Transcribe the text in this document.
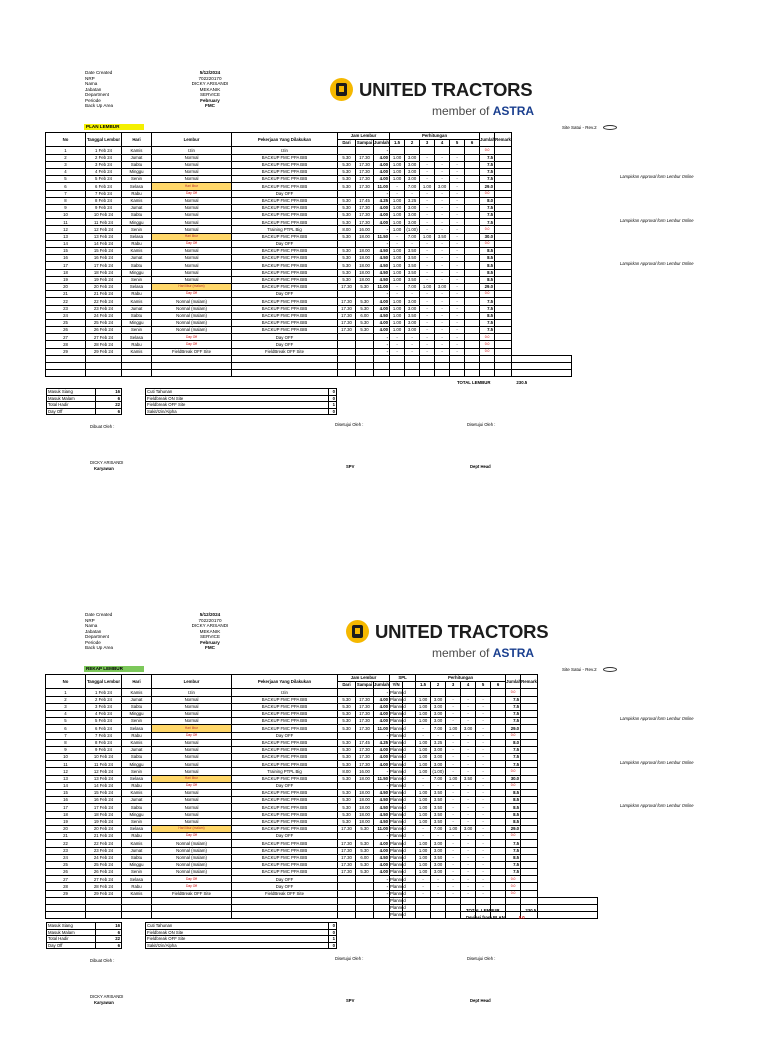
Date Created	5/12/2024
NRP	702220170
Nama	DICKY ARISANDI
Jabatan	MEKANIK
Department	SERVICE
Periode	February
Back Up Area	FMC
PLAN LEMBUR
UNITED TRACTORS
member of ASTRA
Site Satui - Rev.2
No	Tanggal Lembur	Hari	Lembur	Pekerjaan Yang Dilakukan	Jam Lembur			Perhitungan						Jumlah	Remark		
					Dari	Sampai	Jumlah	1.5	2	3	4	5	6				
1	1 Feb 24	Kamis	Izin	Izin			-							0.0			
2	2 Feb 24	Jumat	Normal	BACKUP FMC PPA BIB	5.30	17.30	4.00	1.00	3.00	-	-	-		7.5			
3	3 Feb 24	Sabtu	Normal	BACKUP FMC PPA BIB	5.30	17.30	4.00	1.00	3.00	-	-	-		7.5			
4	4 Feb 24	Minggu	Normal	BACKUP FMC PPA BIB	5.30	17.30	4.00	1.00	3.00	-	-	-		7.5			
5	5 Feb 24	Senin	Normal	BACKUP FMC PPA BIB	5.30	17.30	4.00	1.00	3.00	-	-	-		7.5			
6	6 Feb 24	Selasa	Hari libur	BACKUP FMC PPA BIB	5.30	17.30	11.00	-	7.00	1.00	3.00	-		29.0			
7	7 Feb 24	Rabu	Day Off	Day OFF			-	-	-	-	-	-		0.0			
8	8 Feb 24	Kamis	Normal	BACKUP FMC PPA BIB	5.30	17.45	4.25	1.00	3.25	-	-	-		8.0			
9	9 Feb 24	Jumat	Normal	BACKUP FMC PPA BIB	5.30	17.30	4.00	1.00	3.00	-	-	-		7.5			
10	10 Feb 24	Sabtu	Normal	BACKUP FMC PPA BIB	5.30	17.30	4.00	1.00	3.00	-	-	-		7.5			
11	11 Feb 24	Minggu	Normal	BACKUP FMC PPA BIB	5.30	17.30	4.00	1.00	3.00	-	-	-		7.5			
12	12 Feb 24	Senin	Normal	Training PTPL Big	8.00	16.00	-	1.00	(1.00)	-	-	-		0.0			
13	13 Feb 24	Selasa	Hari libur	BACKUP FMC PPA BIB	5.30	18.00	11.50	-	7.00	1.00	3.50	-		30.0			
14	14 Feb 24	Rabu	Day Off	Day OFF			-	-	-	-	-	-		0.0			
15	15 Feb 24	Kamis	Normal	BACKUP FMC PPA BIB	5.30	18.00	4.50	1.00	3.50	-	-	-		8.5			
16	16 Feb 24	Jumat	Normal	BACKUP FMC PPA BIB	5.30	18.00	4.50	1.00	3.50	-	-	-		8.5			
17	17 Feb 24	Sabtu	Normal	BACKUP FMC PPA BIB	5.30	18.00	4.50	1.00	3.50	-	-	-		8.5			
18	18 Feb 24	Minggu	Normal	BACKUP FMC PPA BIB	5.30	18.00	4.50	1.00	3.50	-	-	-		8.5			
19	19 Feb 24	Senin	Normal	BACKUP FMC PPA BIB	5.30	18.00	4.50	1.00	3.50	-	-	-		8.5			
20	20 Feb 24	Selasa	Hari libur (malam)	BACKUP FMC PPA BIB	17.30	5.30	11.00	-	7.00	1.00	3.00	-		29.0			
21	21 Feb 24	Rabu	Day Off	Day OFF			-	-	-	-	-	-		0.0			
22	22 Feb 24	Kamis	Normal (malam)	BACKUP FMC PPA BIB	17.30	5.30	4.00	1.00	3.00	-	-	-		7.5			
23	23 Feb 24	Jumat	Normal (malam)	BACKUP FMC PPA BIB	17.30	5.30	4.00	1.00	3.00	-	-	-		7.5			
24	24 Feb 24	Sabtu	Normal (malam)	BACKUP FMC PPA BIB	17.30	6.00	4.50	1.00	3.50	-	-	-		8.5			
25	25 Feb 24	Minggu	Normal (malam)	BACKUP FMC PPA BIB	17.30	5.30	4.00	1.00	3.00	-	-	-		7.5			
26	26 Feb 24	Senin	Normal (malam)	BACKUP FMC PPA BIB	17.30	5.30	4.00	1.00	3.00	-	-	-		7.5			
27	27 Feb 24	Selasa	Day Off	Day OFF			-	-	-	-	-	-		0.0			
28	28 Feb 24	Rabu	Day Off	Day OFF			-	-	-	-	-	-		0.0			
29	29 Feb 24	Kamis	FieldBreak OFF Site	FieldBreak OFF Site			-	-	-	-	-	-		0.0			

TOTAL LEMBUR	230.5
Lampirkan Approval form Lembur Online
Lampirkan Approval form Lembur Online
Lampirkan Approval form Lembur Online
Masuk Siang	16
Masuk Malam	6
Total Hadir	22
Day Off	6
Cuti Tahunan	0
Fieldbreak ON Site	0
Fieldbreak OFF Site	1
Sakit/Izin/Alpha	0
Dibuat Oleh :	Disetujui Oleh :	Disetujui Oleh :
DICKY ARISANDI
Karyawan	SPV	Dept Head
Date Created	5/12/2024
NRP	702220170
Nama	DICKY ARISANDI
Jabatan	MEKANIK
Department	SERVICE
Periode	February
Back Up Area	FMC
REKAP LEMBUR
UNITED TRACTORS
member of ASTRA
Site Satui - Rev.2
No	Tanggal Lembur	Hari	Lembur	Pekerjaan Yang Dilakukan	Jam Lembur			SPL		Perhitungan						Jumlah	Remark		
					Dari	Sampai	Jumlah	Y/N		1.5	2	3	4	5	6				
1	1 Feb 24	Kamis	Izin	Izin			-	Planned								0.0			
2	2 Feb 24	Jumat	Normal	BACKUP FMC PPA BIB	5.30	17.30	4.00	Planned		1.00	3.00	-	-	-		7.5			
3	3 Feb 24	Sabtu	Normal	BACKUP FMC PPA BIB	5.30	17.30	4.00	Planned		1.00	3.00	-	-	-		7.5			
4	4 Feb 24	Minggu	Normal	BACKUP FMC PPA BIB	5.30	17.30	4.00	Planned		1.00	3.00	-	-	-		7.5			
5	5 Feb 24	Senin	Normal	BACKUP FMC PPA BIB	5.30	17.30	4.00	Planned		1.00	3.00	-	-	-		7.5			
6	6 Feb 24	Selasa	Hari libur	BACKUP FMC PPA BIB	5.30	17.30	11.00	Planned		-	7.00	1.00	3.00	-		29.0			
7	7 Feb 24	Rabu	Day Off	Day OFF			-	Planned		-	-	-	-	-		0.0			
8	8 Feb 24	Kamis	Normal	BACKUP FMC PPA BIB	5.30	17.45	4.25	Planned		1.00	3.25	-	-	-		8.0			
9	9 Feb 24	Jumat	Normal	BACKUP FMC PPA BIB	5.30	17.30	4.00	Planned		1.00	3.00	-	-	-		7.5			
10	10 Feb 24	Sabtu	Normal	BACKUP FMC PPA BIB	5.30	17.30	4.00	Planned		1.00	3.00	-	-	-		7.5			
11	11 Feb 24	Minggu	Normal	BACKUP FMC PPA BIB	5.30	17.30	4.00	Planned		1.00	3.00	-	-	-		7.5			
12	12 Feb 24	Senin	Normal	Training PTPL Big	8.00	16.00	-	Planned		1.00	(1.00)	-	-	-		0.0			
13	13 Feb 24	Selasa	Hari libur	BACKUP FMC PPA BIB	5.30	18.00	11.50	Planned		-	7.00	1.00	3.50	-		30.0			
14	14 Feb 24	Rabu	Day Off	Day OFF			-	Planned		-	-	-	-	-		0.0			
15	15 Feb 24	Kamis	Normal	BACKUP FMC PPA BIB	5.30	18.00	4.50	Planned		1.00	3.50	-	-	-		8.5			
16	16 Feb 24	Jumat	Normal	BACKUP FMC PPA BIB	5.30	18.00	4.50	Planned		1.00	3.50	-	-	-		8.5			
17	17 Feb 24	Sabtu	Normal	BACKUP FMC PPA BIB	5.30	18.00	4.50	Planned		1.00	3.50	-	-	-		8.5			
18	18 Feb 24	Minggu	Normal	BACKUP FMC PPA BIB	5.30	18.00	4.50	Planned		1.00	3.50	-	-	-		8.5			
19	19 Feb 24	Senin	Normal	BACKUP FMC PPA BIB	5.30	18.00	4.50	Planned		1.00	3.50	-	-	-		8.5			
20	20 Feb 24	Selasa	Hari libur (malam)	BACKUP FMC PPA BIB	17.30	5.30	11.00	Planned		-	7.00	1.00	3.00	-		29.0			
21	21 Feb 24	Rabu	Day Off	Day OFF			-	Planned		-	-	-	-	-		0.0			
22	22 Feb 24	Kamis	Normal (malam)	BACKUP FMC PPA BIB	17.30	5.30	4.00	Planned		1.00	3.00	-	-	-		7.5			
23	23 Feb 24	Jumat	Normal (malam)	BACKUP FMC PPA BIB	17.30	5.30	4.00	Planned		1.00	3.00	-	-	-		7.5			
24	24 Feb 24	Sabtu	Normal (malam)	BACKUP FMC PPA BIB	17.30	6.00	4.50	Planned		1.00	3.50	-	-	-		8.5			
25	25 Feb 24	Minggu	Normal (malam)	BACKUP FMC PPA BIB	17.30	5.30	4.00	Planned		1.00	3.00	-	-	-		7.5			
26	26 Feb 24	Senin	Normal (malam)	BACKUP FMC PPA BIB	17.30	5.30	4.00	Planned		1.00	3.00	-	-	-		7.5			
27	27 Feb 24	Selasa	Day Off	Day OFF			-	Planned		-	-	-	-	-		0.0			
28	28 Feb 24	Rabu	Day Off	Day OFF			-	Planned		-	-	-	-	-		0.0			
29	29 Feb 24	Kamis	FieldBreak OFF Site	FieldBreak OFF Site			-	Planned		-	-	-	-	-		0.0			
								Planned												
								Planned												
								Planned												
TOTAL LEMBUR	230.5
Deviasi from PLAN	0.0
Lampirkan Approval form Lembur Online
Lampirkan Approval form Lembur Online
Lampirkan Approval form Lembur Online
Masuk Siang	16
Masuk Malam	6
Total Hadir	22
Day Off	6
Cuti Tahunan	0
Fieldbreak ON Site	0
Fieldbreak OFF Site	1
Sakit/Izin/Alpha	0
Dibuat Oleh :	Disetujui Oleh :	Disetujui Oleh :
DICKY ARISANDI
Karyawan	SPV	Dept Head
